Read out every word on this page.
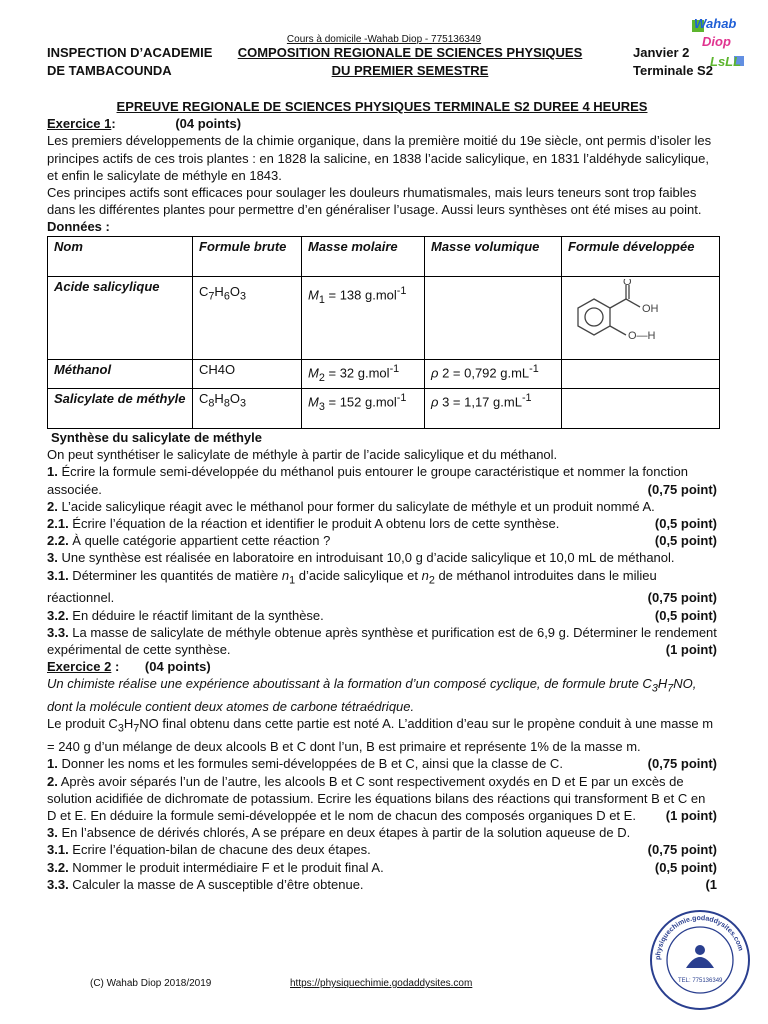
Cours à domicile -Wahab Diop - 775136349
INSPECTION D’ACADEMIE
DE TAMBACOUNDA
COMPOSITION REGIONALE DE SCIENCES PHYSIQUES
DU PREMIER SEMESTRE
Janvier 2
Terminale S2
Wahab
Diop
LsLL
EPREUVE REGIONALE DE SCIENCES PHYSIQUES TERMINALE S2 DUREE 4 HEURES
Exercice 1:	(04 points)

Les premiers développements de la chimie organique, dans la première moitié du 19e siècle, ont permis d’isoler les principes actifs de ces trois plantes : en 1828 la salicine, en 1838 l’acide salicylique, en 1831 l’aldéhyde salicylique, et enfin le salicylate de méthyle en 1843.

Ces principes actifs sont efficaces pour soulager les douleurs rhumatismales, mais leurs teneurs sont trop faibles dans les différentes plantes pour permettre d’en généraliser l’usage. Aussi leurs synthèses ont été mises au point.

Données :

Nom	Formule brute	Masse molaire	Masse volumique	Formule développée
Acide salicylique	$C_7H_6O_3$	$M_1 = 138$ g.mol$^{-1}$		O
OH
O—H

Méthanol	CH4O	$M_2 = 32$ g.mol$^{-1}$	ρ 2 = 0,792 $g.mL^{-1}$	
Salicylate de méthyle	$C_8H_8O_3$	$M_3 = 152$ g.mol$^{-1}$	ρ 3 = 1,17 $g.mL^{-1}$	

Synthèse du salicylate de méthyle

On peut synthétiser le salicylate de méthyle à partir de l’acide salicylique et du méthanol.

1. Écrire la formule semi-développée du méthanol puis entourer le groupe caractéristique et nommer la fonction associée.	(0,75 point)

2. L’acide salicylique réagit avec le méthanol pour former du salicylate de méthyle et un produit nommé A.

2.1. Écrire l’équation de la réaction et identifier le produit A obtenu lors de cette synthèse.	(0,5 point)
2.2. À quelle catégorie appartient cette réaction ?	(0,5 point)

3. Une synthèse est réalisée en laboratoire en introduisant 10,0 g d’acide salicylique et 10,0 mL de méthanol.

3.1. Déterminer les quantités de matière $n_1$ d’acide salicylique et $n_2$ de méthanol introduites dans le milieu réactionnel.	(0,75 point)
3.2. En déduire le réactif limitant de la synthèse.	(0,5 point)
3.3. La masse de salicylate de méthyle obtenue après synthèse et purification est de 6,9 g. Déterminer le rendement expérimental de cette synthèse.	(1 point)
Exercice 2 : (04 points)

Un chimiste réalise une expérience aboutissant à la formation d’un composé cyclique, de formule brute $C_3H_7NO$, dont la molécule contient deux atomes de carbone tétraédrique.

Le produit $C_3H_7NO$ final obtenu dans cette partie est noté A. L’addition d’eau sur le propène conduit à une masse m = 240 g d’un mélange de deux alcools B et C dont l’un, B est primaire et représente 1% de la masse m.

1. Donner les noms et les formules semi-développées de B et C, ainsi que la classe de C.	(0,75 point)
2. Après avoir séparés l’un de l’autre, les alcools B et C sont respectivement oxydés en D et E par un excès de solution acidifiée de dichromate de potassium. Ecrire les équations bilans des réactions qui transforment B et C en D et E. En déduire la formule semi-développée et le nom de chacun des composés organiques D et E. (1 point)

3. En l’absence de dérivés chlorés, A se prépare en deux étapes à partir de la solution aqueuse de D.

3.1. Ecrire l’équation-bilan de chacune des deux étapes.	(0,75 point)
3.2. Nommer le produit intermédiaire F et le produit final A.	(0,5 point)
3.3. Calculer la masse de A susceptible d’être obtenue.	(1
physiquechimie.godaddysites.com
TEL: 775136349
(C) Wahab Diop 2018/2019	https://physiquechimie.godaddysites.com
